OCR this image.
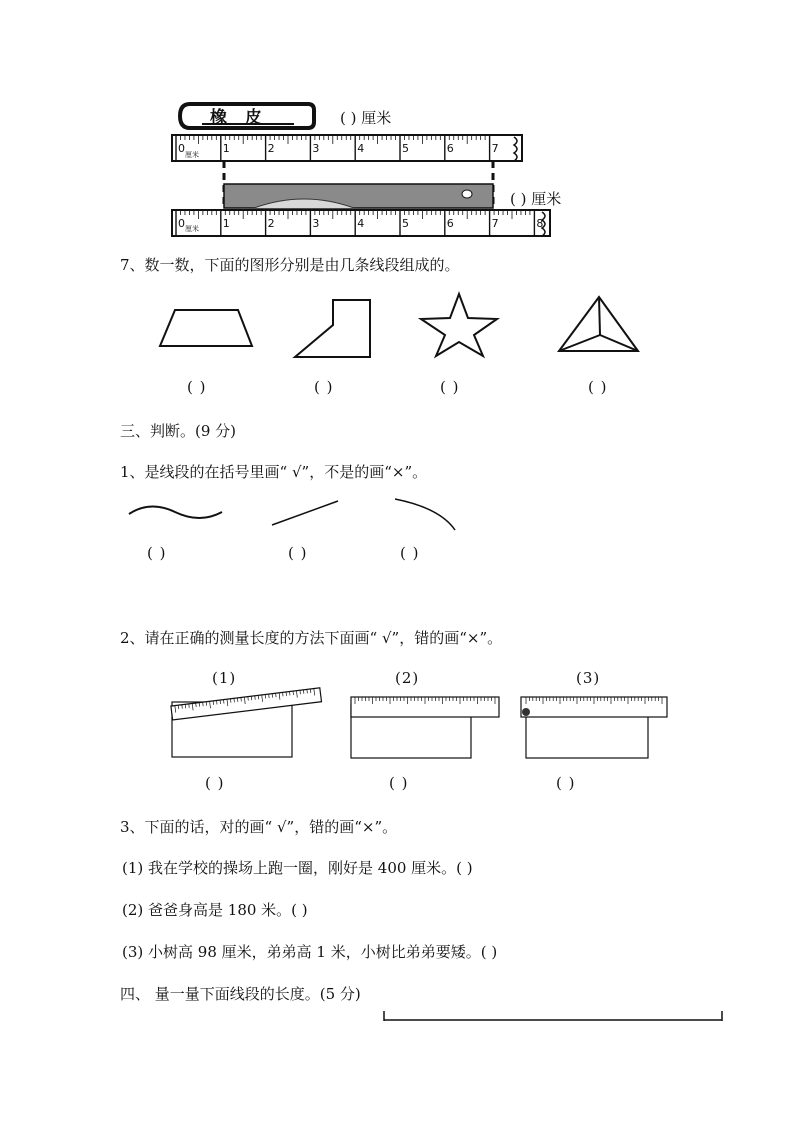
橡 皮	( ) 厘米
0	1	2	3	4	5	6	7
厘米
( ) 厘米
0	1	2	3	4	5	6	7	8
厘米
7、数一数，下面的图形分别是由几条线段组成的。
( )	( )	( )	( )
三、判断。(9 分)
1、是线段的在括号里画“ √”，不是的画“×”。
( )	( )	( )
2、请在正确的测量长度的方法下面画“ √”，错的画“×”。
(1)	(2)	(3)
( )	( )	( )
3、下面的话，对的画“ √”，错的画“×”。
(1) 我在学校的操场上跑一圈，刚好是 400 厘米。( )
(2) 爸爸身高是 180 米。( )
(3) 小树高 98 厘米，弟弟高 1 米，小树比弟弟要矮。( )
四、 量一量下面线段的长度。(5 分)
